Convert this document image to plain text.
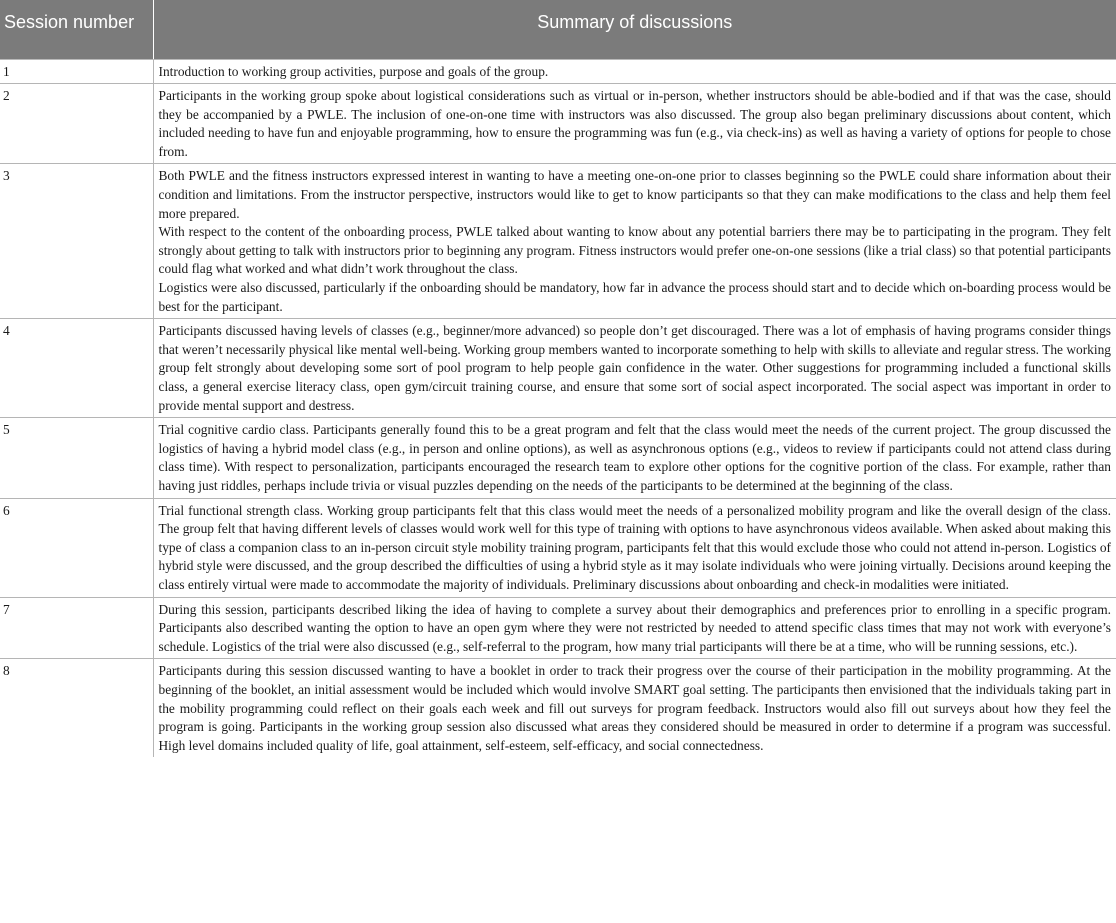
Session number	Summary of discussions
1	Introduction to working group activities, purpose and goals of the group.

2	Participants in the working group spoke about logistical considerations such as virtual or in-person, whether instructors should be able-bodied and if that was the case, should they be accompanied by a PWLE. The inclusion of one-on-one time with instructors was also discussed. The group also began preliminary discussions about content, which included needing to have fun and enjoyable programming, how to ensure the programming was fun (e.g., via check-ins) as well as having a variety of options for people to chose from.

3	Both PWLE and the fitness instructors expressed interest in wanting to have a meeting one-on-one prior to classes beginning so the PWLE could share information about their condition and limitations. From the instructor perspective, instructors would like to get to know participants so that they can make modifications to the class and help them feel more prepared.
With respect to the content of the onboarding process, PWLE talked about wanting to know about any potential barriers there may be to participating in the program. They felt strongly about getting to talk with instructors prior to beginning any program. Fitness instructors would prefer one-on-one sessions (like a trial class) so that potential participants could flag what worked and what didn’t work throughout the class.
Logistics were also discussed, particularly if the onboarding should be mandatory, how far in advance the process should start and to decide which on-boarding process would be best for the participant.

4	Participants discussed having levels of classes (e.g., beginner/more advanced) so people don’t get discouraged. There was a lot of emphasis of having programs consider things that weren’t necessarily physical like mental well-being. Working group members wanted to incorporate something to help with skills to alleviate and regular stress. The working group felt strongly about developing some sort of pool program to help people gain confidence in the water. Other suggestions for programming included a functional skills class, a general exercise literacy class, open gym/circuit training course, and ensure that some sort of social aspect incorporated. The social aspect was important in order to provide mental support and destress.

5	Trial cognitive cardio class. Participants generally found this to be a great program and felt that the class would meet the needs of the current project. The group discussed the logistics of having a hybrid model class (e.g., in person and online options), as well as asynchronous options (e.g., videos to review if participants could not attend class during class time). With respect to personalization, participants encouraged the research team to explore other options for the cognitive portion of the class. For example, rather than having just riddles, perhaps include trivia or visual puzzles depending on the needs of the participants to be determined at the beginning of the class.

6	Trial functional strength class. Working group participants felt that this class would meet the needs of a personalized mobility program and like the overall design of the class. The group felt that having different levels of classes would work well for this type of training with options to have asynchronous videos available. When asked about making this type of class a companion class to an in-person circuit style mobility training program, participants felt that this would exclude those who could not attend in-person. Logistics of hybrid style were discussed, and the group described the difficulties of using a hybrid style as it may isolate individuals who were joining virtually. Decisions around keeping the class entirely virtual were made to accommodate the majority of individuals. Preliminary discussions about onboarding and check-in modalities were initiated.

7	During this session, participants described liking the idea of having to complete a survey about their demographics and preferences prior to enrolling in a specific program. Participants also described wanting the option to have an open gym where they were not restricted by needed to attend specific class times that may not work with everyone’s schedule. Logistics of the trial were also discussed (e.g., self-referral to the program, how many trial participants will there be at a time, who will be running sessions, etc.).

8	Participants during this session discussed wanting to have a booklet in order to track their progress over the course of their participation in the mobility programming. At the beginning of the booklet, an initial assessment would be included which would involve SMART goal setting. The participants then envisioned that the individuals taking part in the mobility programming could reflect on their goals each week and fill out surveys for program feedback. Instructors would also fill out surveys about how they feel the program is going. Participants in the working group session also discussed what areas they considered should be measured in order to determine if a program was successful. High level domains included quality of life, goal attainment, self-esteem, self-efficacy, and social connectedness.
